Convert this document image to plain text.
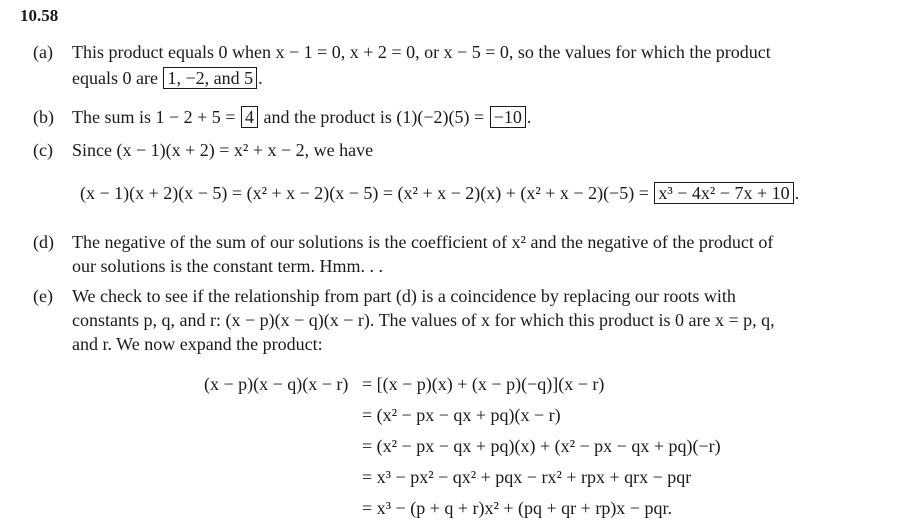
10.58
(a) This product equals 0 when x − 1 = 0, x + 2 = 0, or x − 5 = 0, so the values for which the product
equals 0 are 1, −2, and 5 .
(b) The sum is 1 − 2 + 5 = 4 and the product is (1)(−2)(5) = −10 .
(c) Since (x − 1)(x + 2) = x² + x − 2, we have
(x − 1)(x + 2)(x − 5) = (x² + x − 2)(x − 5) = (x² + x − 2)(x) + (x² + x − 2)(−5) = x³ − 4x² − 7x + 10 .
(d) The negative of the sum of our solutions is the coefficient of x² and the negative of the product of
our solutions is the constant term. Hmm. . .
(e) We check to see if the relationship from part (d) is a coincidence by replacing our roots with
constants p, q, and r: (x − p)(x − q)(x − r). The values of x for which this product is 0 are x = p, q,
and r. We now expand the product:
(x − p)(x − q)(x − r) = [(x − p)(x) + (x − p)(−q)](x − r)
= (x² − px − qx + pq)(x − r)
= (x² − px − qx + pq)(x) + (x² − px − qx + pq)(−r)
= x³ − px² − qx² + pqx − rx² + rpx + qrx − pqr
= x³ − (p + q + r)x² + (pq + qr + rp)x − pqr.
